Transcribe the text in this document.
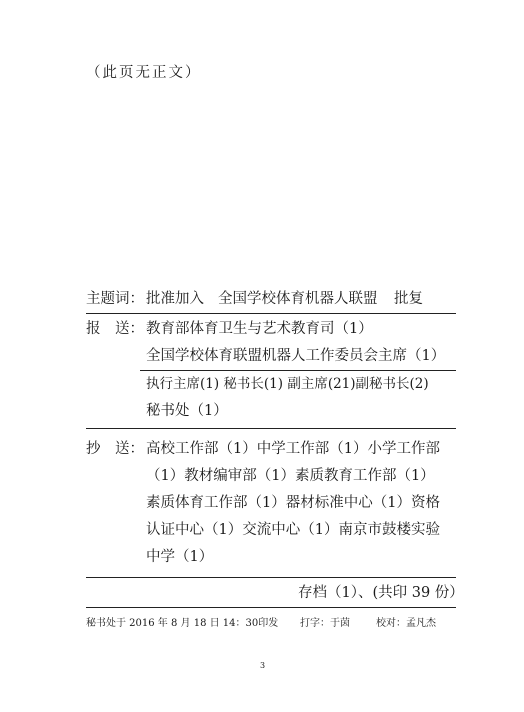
（此页无正文）
主题词： 批准加入 全国学校体育机器人联盟 批复
报　送： 教育部体育卫生与艺术教育司（1）
全国学校体育联盟机器人工作委员会主席（1）
执行主席(1) 秘书长(1) 副主席(21)副秘书长(2)
秘书处（1）
抄　送： 高校工作部（1）中学工作部（1）小学工作部
（1）教材编审部（1）素质教育工作部（1）
素质体育工作部（1）器材标准中心（1）资格
认证中心（1）交流中心（1）南京市鼓楼实验
中学（1）
存档（1）、(共印 39 份）
秘书处于 2016 年 8 月 18 日 14：30印发 打字：于茵	校对：孟凡杰
3
